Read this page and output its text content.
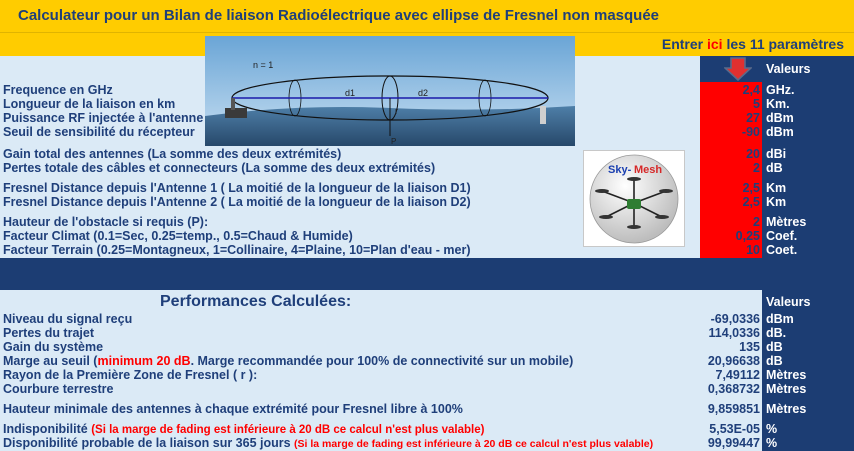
Calculateur pour un Bilan de liaison Radioélectrique avec ellipse de Fresnel non masquée
Entrer ici les 11 paramètres
n = 1
d1	d2
r
P
Sky- Mesh
Valeurs
Frequence en GHz
Longueur de la liaison en km
Puissance RF injectée à l'antenne
Seuil de sensibilité du récepteur
Gain total des antennes (La somme des deux extrémités)
Pertes totale des câbles et connecteurs (La somme des deux extrémités)
Fresnel Distance depuis l'Antenne 1 ( La moitié de la longueur de la liaison D1)
Fresnel Distance depuis l'Antenne 2 ( La moitié de la longueur de la liaison D2)
Hauteur de l'obstacle si requis (P):
Facteur Climat (0.1=Sec, 0.25=temp., 0.5=Chaud & Humide)
Facteur Terrain (0.25=Montagneux, 1=Collinaire, 4=Plaine, 10=Plan d'eau - mer)
2,4
5
27
-90
20
2
2,5
2,5
2
0,25
10
GHz.
Km.
dBm
dBm
dBi
dB
Km
Km
Mètres
Coef.
Coet.
Performances Calculées:	Valeurs
Niveau du signal reçu
Pertes du trajet
Gain du système
Marge au seuil (minimum 20 dB. Marge recommandée pour 100% de connectivité sur un mobile)
Rayon de la Première Zone de Fresnel ( r ):
Courbure terrestre
Hauteur minimale des antennes à chaque extrémité pour Fresnel libre à 100%
Indisponibilité (Si la marge de fading est inférieure à 20 dB ce calcul n'est plus valable)
Disponibilité probable de la liaison sur 365 jours (Si la marge de fading est inférieure à 20 dB ce calcul n'est plus valable)
-69,0336
114,0336
135
20,96638
7,49112
0,368732
9,859851
5,53E-05
99,99447
dBm
dB.
dB
dB
Mètres
Mètres
Mètres
%
%
